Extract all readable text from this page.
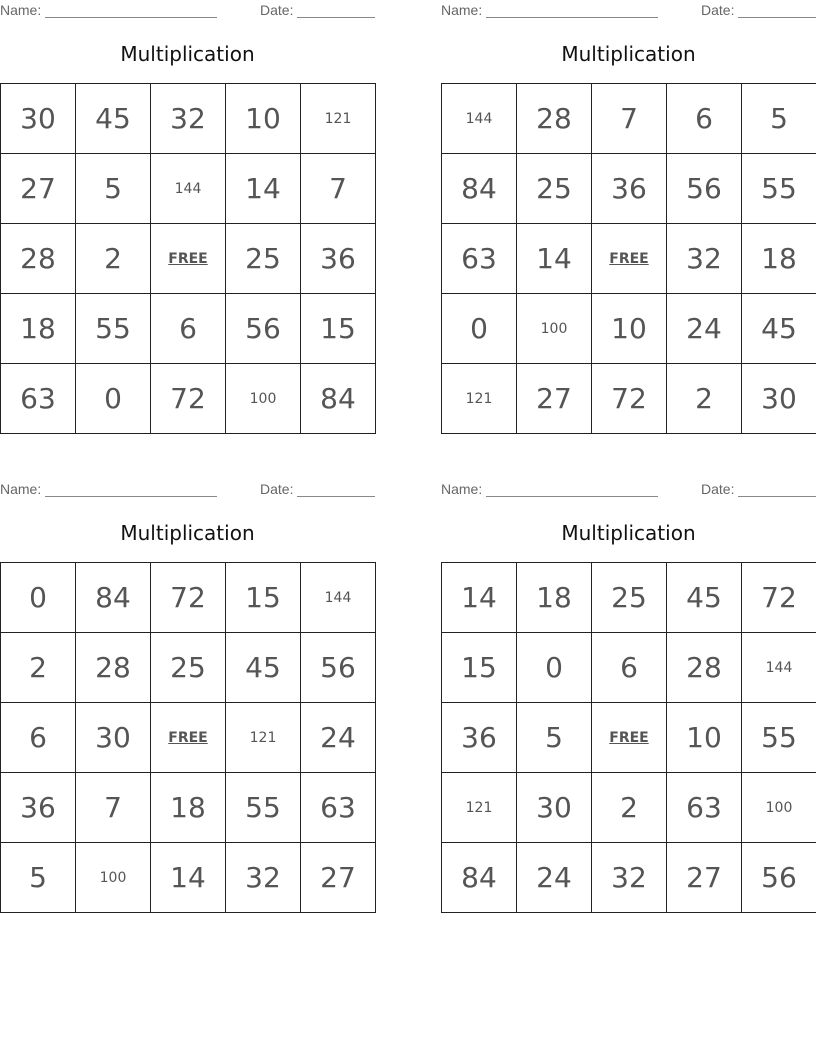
Name:	Date:
Multiplication
30	45	32	10	121
27	5	144	14	7
28	2	FREE	25	36
18	55	6	56	15
63	0	72	100	84
Name:	Date:
Multiplication
144	28	7	6	5
84	25	36	56	55
63	14	FREE	32	18
0	100	10	24	45
121	27	72	2	30
Name:	Date:
Multiplication
0	84	72	15	144
2	28	25	45	56
6	30	FREE	121	24
36	7	18	55	63
5	100	14	32	27
Name:	Date:
Multiplication
14	18	25	45	72
15	0	6	28	144
36	5	FREE	10	55
121	30	2	63	100
84	24	32	27	56
